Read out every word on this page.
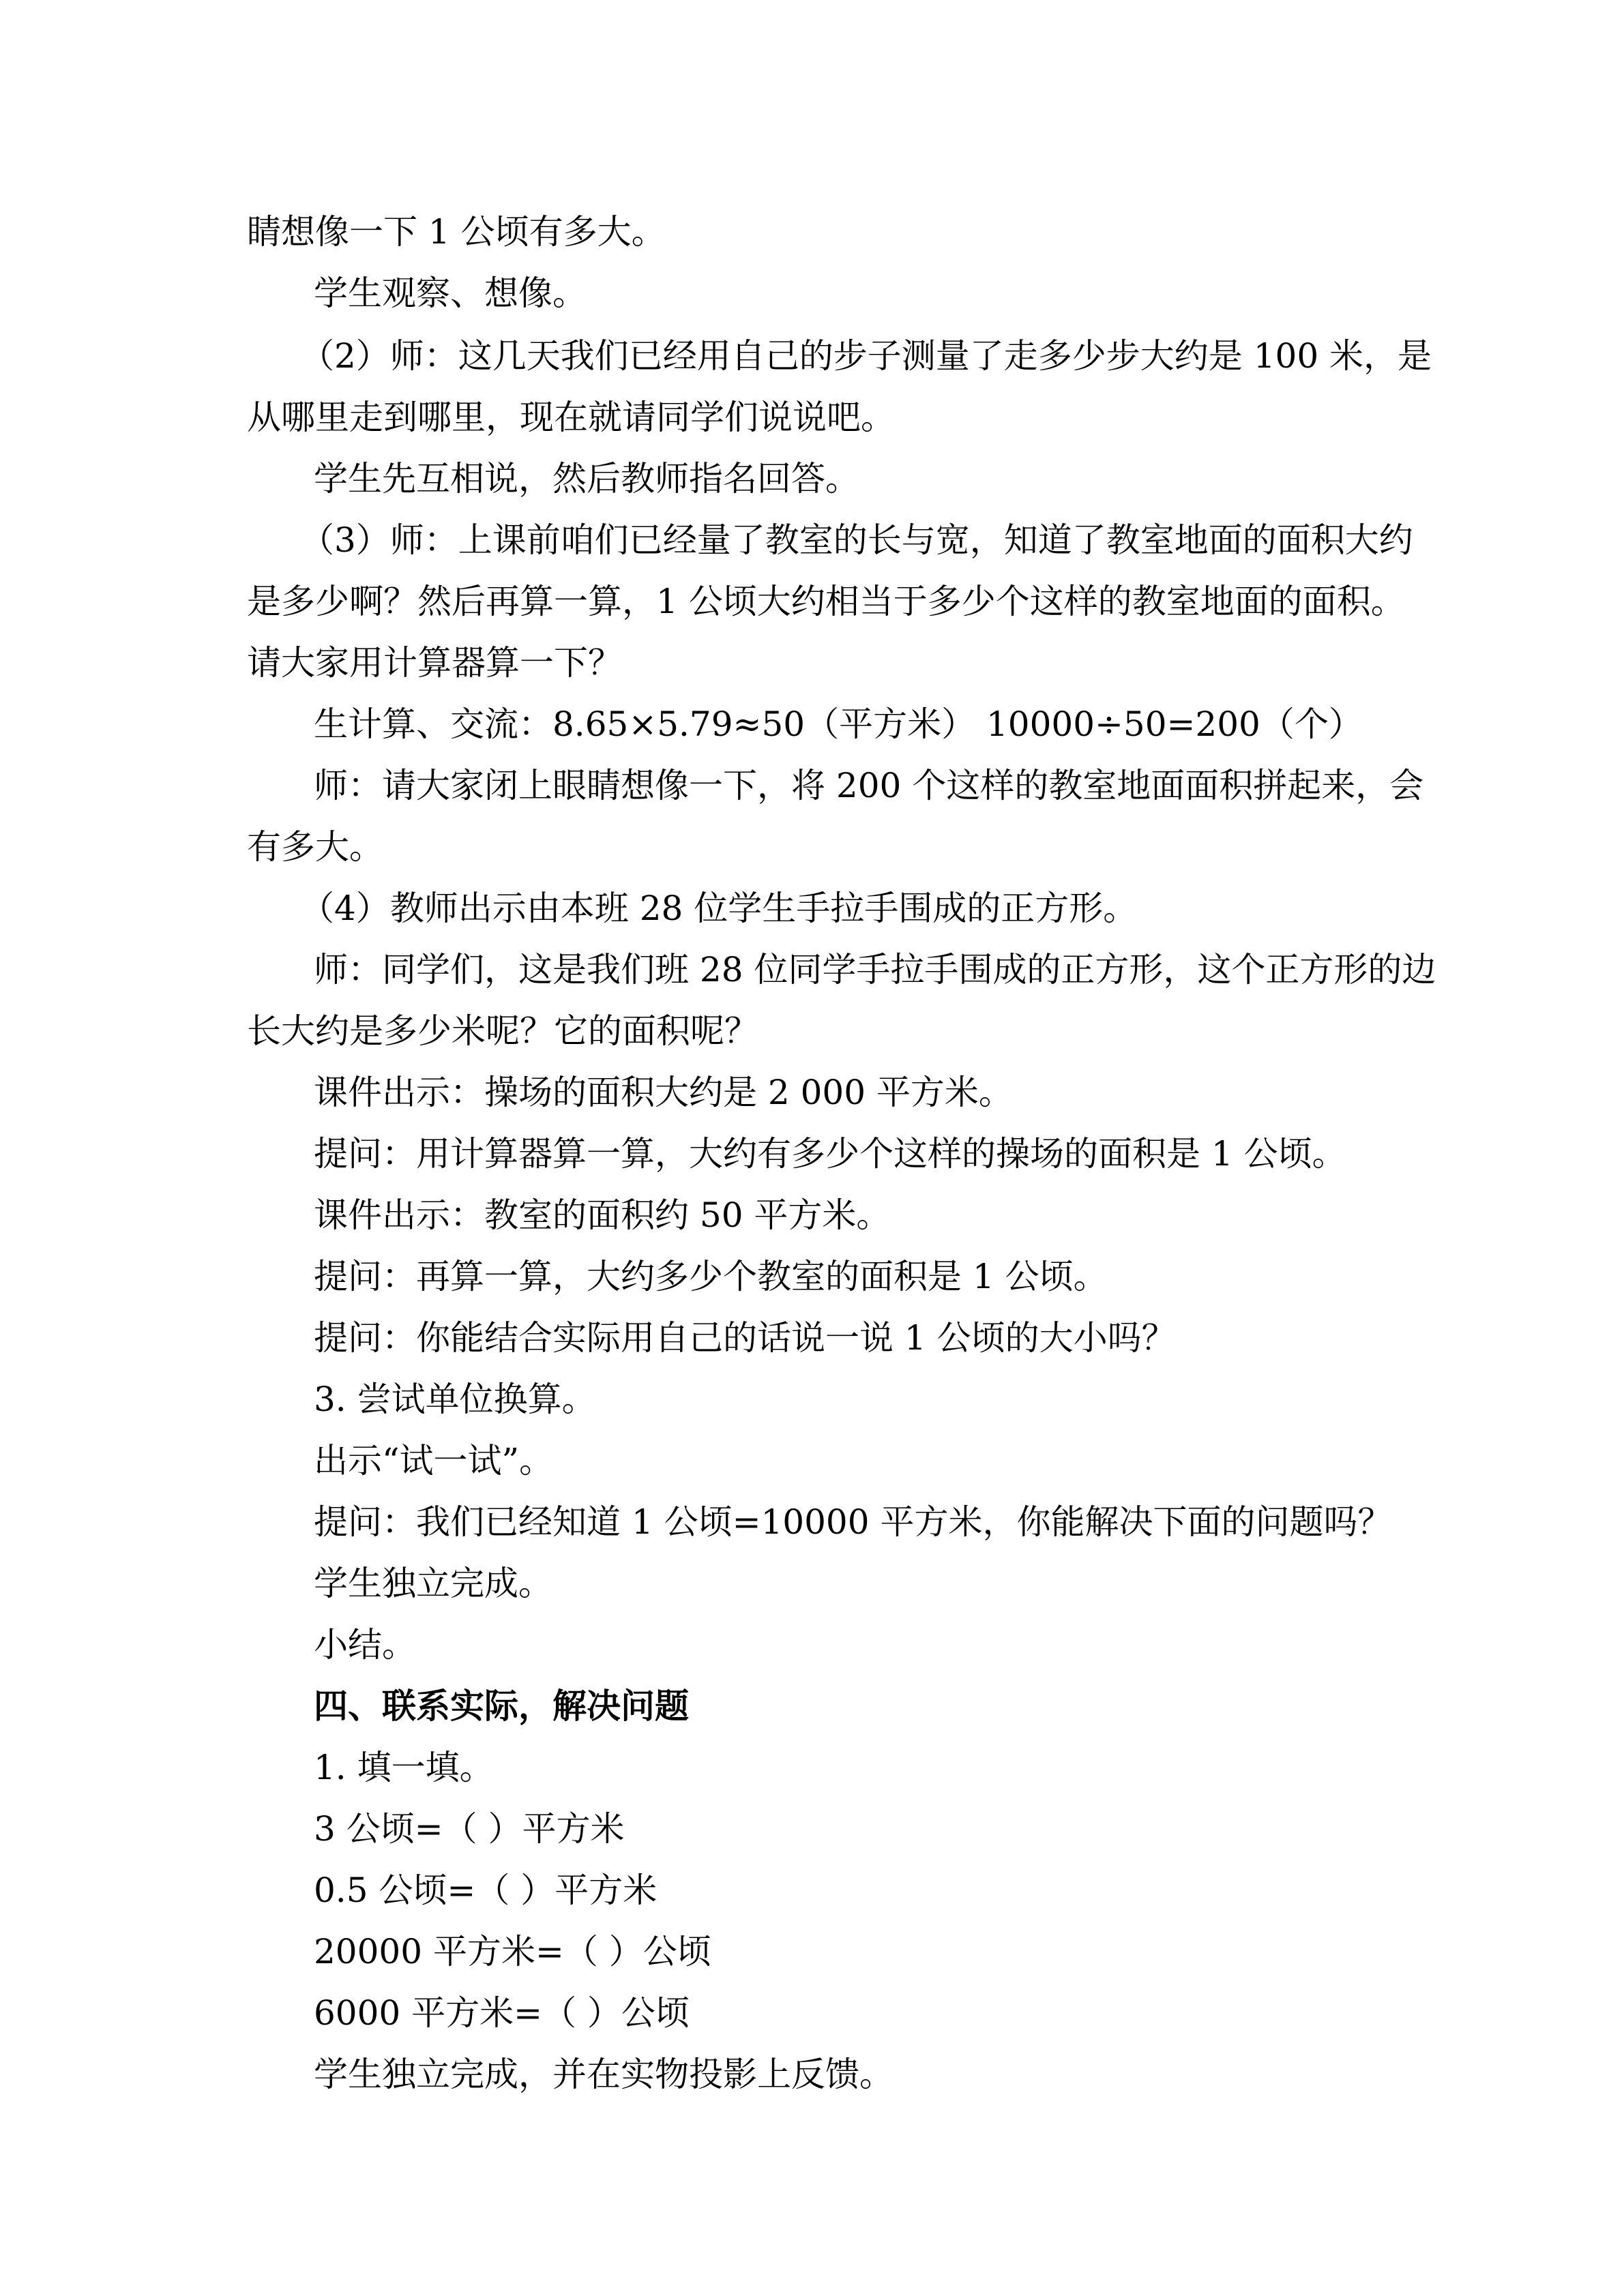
睛想像一下 1 公顷有多大。
学生观察、想像。
（2）师：这几天我们已经用自己的步子测量了走多少步大约是 100 米，是
从哪里走到哪里，现在就请同学们说说吧。
学生先互相说，然后教师指名回答。
（3）师：上课前咱们已经量了教室的长与宽，知道了教室地面的面积大约
是多少啊？然后再算一算，1 公顷大约相当于多少个这样的教室地面的面积。
请大家用计算器算一下？
生计算、交流：8.65×5.79≈50（平方米） 10000÷50=200（个）
师：请大家闭上眼睛想像一下，将 200 个这样的教室地面面积拼起来，会
有多大。
（4）教师出示由本班 28 位学生手拉手围成的正方形。
师：同学们，这是我们班 28 位同学手拉手围成的正方形，这个正方形的边
长大约是多少米呢？它的面积呢？
课件出示：操场的面积大约是 2 000 平方米。
提问：用计算器算一算，大约有多少个这样的操场的面积是 1 公顷。
课件出示：教室的面积约 50 平方米。
提问：再算一算，大约多少个教室的面积是 1 公顷。
提问：你能结合实际用自己的话说一说 1 公顷的大小吗？
3. 尝试单位换算。
出示“试一试”。
提问：我们已经知道 1 公顷=10000 平方米，你能解决下面的问题吗？
学生独立完成。
小结。
四、联系实际，解决问题
1. 填一填。
3 公顷=（ ）平方米
0.5 公顷=（ ）平方米
20000 平方米=（ ）公顷
6000 平方米=（ ）公顷
学生独立完成，并在实物投影上反馈。
